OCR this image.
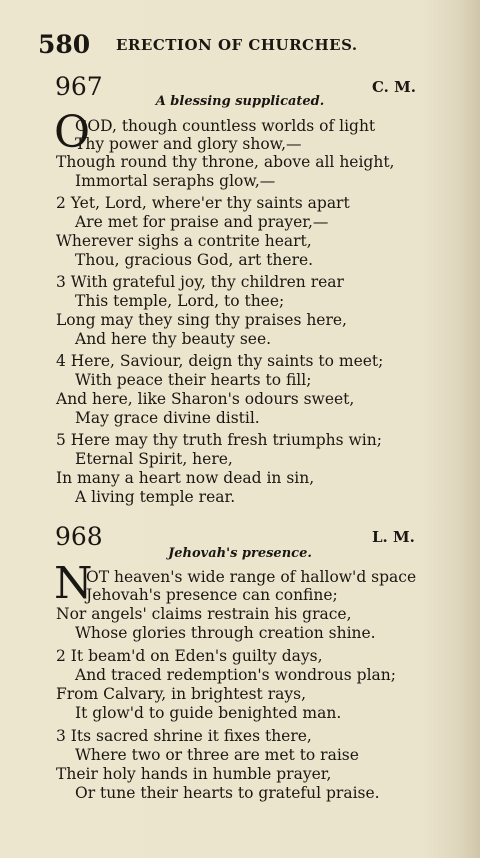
580 ERECTION OF CHURCHES.
967	C. M.
A blessing supplicated.
O
GOD, though countless worlds of light
Thy power and glory show,—
Though round thy throne, above all height,
Immortal seraphs glow,—
2 Yet, Lord, where'er thy saints apart
Are met for praise and prayer,—
Wherever sighs a contrite heart,
Thou, gracious God, art there.
3 With grateful joy, thy children rear
This temple, Lord, to thee;
Long may they sing thy praises here,
And here thy beauty see.
4 Here, Saviour, deign thy saints to meet;
With peace their hearts to fill;
And here, like Sharon's odours sweet,
May grace divine distil.
5 Here may thy truth fresh triumphs win;
Eternal Spirit, here,
In many a heart now dead in sin,
A living temple rear.
968	L. M.
Jehovah's presence.
N
OT heaven's wide range of hallow'd space
Jehovah's presence can confine;
Nor angels' claims restrain his grace,
Whose glories through creation shine.
2 It beam'd on Eden's guilty days,
And traced redemption's wondrous plan;
From Calvary, in brightest rays,
It glow'd to guide benighted man.
3 Its sacred shrine it fixes there,
Where two or three are met to raise
Their holy hands in humble prayer,
Or tune their hearts to grateful praise.
